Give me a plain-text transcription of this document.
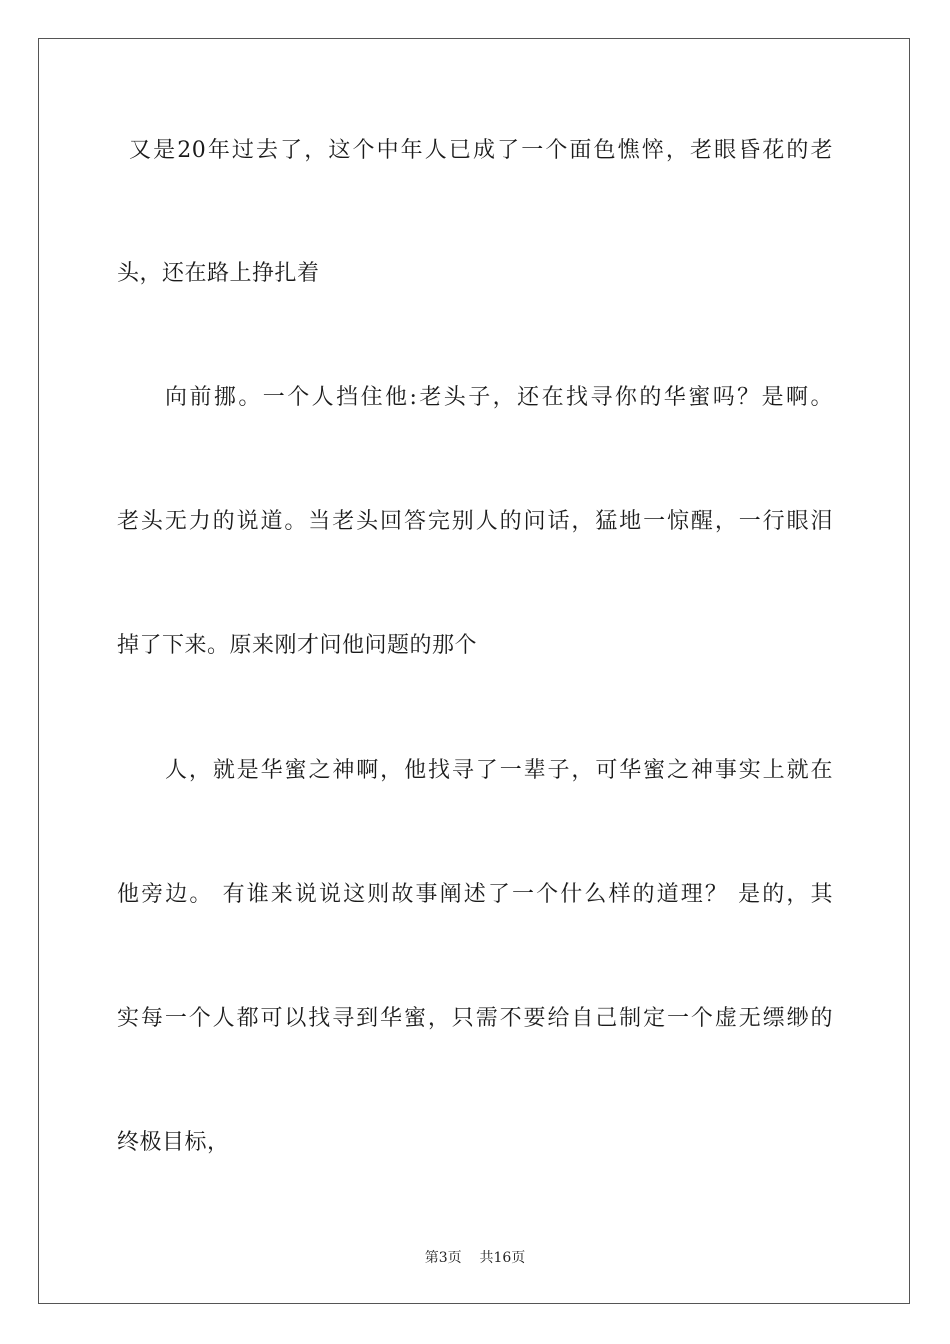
又是20年过去了，这个中年人已成了一个面色憔悴，老眼昏花的老
头，还在路上挣扎着
向前挪。一个人挡住他:老头子，还在找寻你的华蜜吗？是啊。
老头无力的说道。当老头回答完别人的问话，猛地一惊醒，一行眼泪
掉了下来。原来刚才问他问题的那个
人，就是华蜜之神啊，他找寻了一辈子，可华蜜之神事实上就在
他旁边。 有谁来说说这则故事阐述了一个什么样的道理？ 是的，其
实每一个人都可以找寻到华蜜，只需不要给自己制定一个虚无缥缈的
终极目标，
第3页    共16页
